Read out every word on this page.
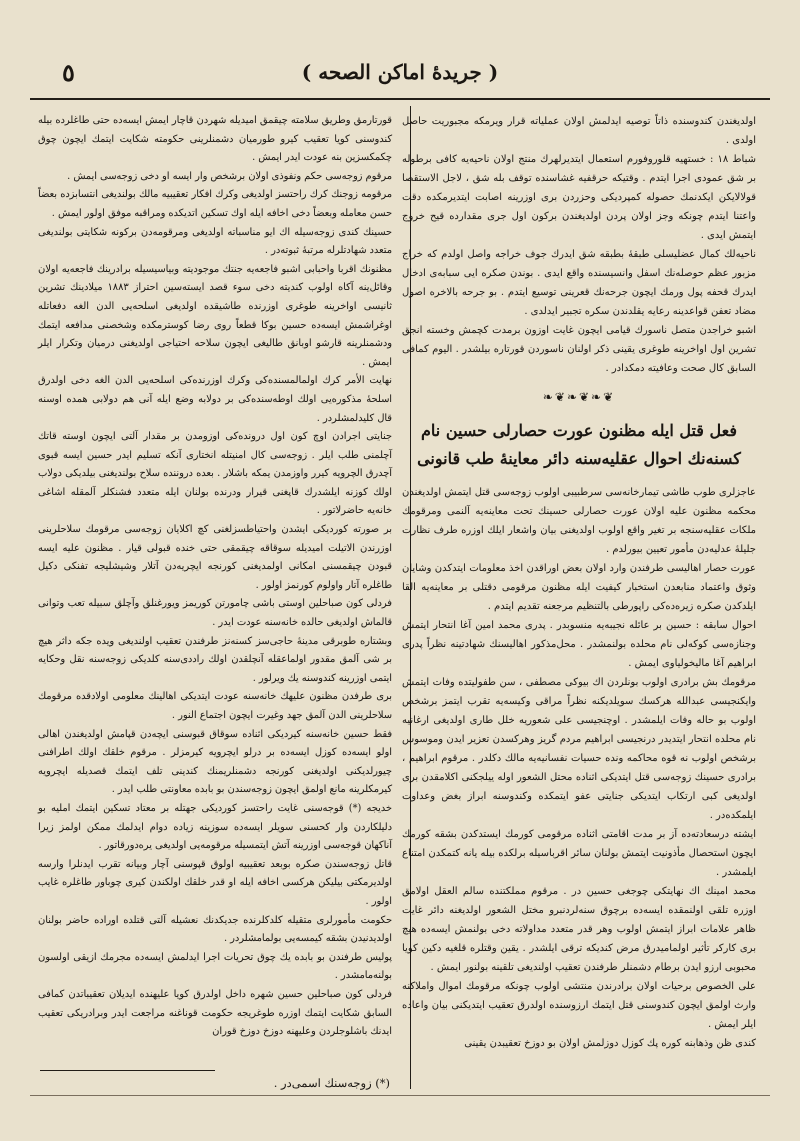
٥	( جريدهٔ اماكن الصحه )

اولدیغندن کندوسنده ذاتاً توصیه ایدلمش اولان عملیاته قرار ویرمکه مجبوریت حاصل اولدی .

شباط ۱۸ : خستهیه قلوروفورم استعمال ایتدیرلهرك منتج اولان ناحیه‌یه کافی برطوله بر شق عمودی اجرا ایتدم . وقتیکه حرقفیه غشاسنده توقف بله شق ، لاجل الاستقصا قولالایكن ایكدنمك حصوله کمپردیکی وحزردن بری اوزرینه اصابت ایتدیرمکده دقت واعتنا ایتدم چونکه وجز اولان پردن اولدیغندن بركون اول جرى مقدارده قیح خروج ایتمش ایدی .

ناحیه‌لك کمال عضلیسلی طبقهٔ بطبقه شق ایدرك جوف خراجه واصل اولدم که خراج مزبور عظم حوصله‌نك اسفل وانسیسنده واقع ایدی . بوندن صکره ایی سبابه‌ی ادخال ایدرك قحفه پول ورمك ایچون جرحه‌نك قعرینی توسیع ایتدم . بو جرحه بالاخره اصول مضاد تعفن قواعدینه رعایه یقلدندن سکره تجبیر ایدلدی .

اشبو خراجدن متصل ناسورك قیامی ایچون غایت اوزون برمدت کچمش وخسته انجق تشرین اول اواخرینه طوغری یقینی ذکر اولنان ناسوردن قورتاره بیلشدر . الیوم کمافی السابق کال صحت وعافیته دمکدادر .

❧❦❧❦❧❦
فعل قتل ایله مظنون عورت حصارلی حسین نام کسنه‌نك احوال عقلیه‌سنه دائر معاینهٔ طب قانونی

عاجزلری طوب طاشی تیمارخانه‌سی سرطبیبی اولوب زوجه‌سی قتل ایتمش اولدیغندن محکمه مظنون علیه اولان عورت حصارلی حسینك تحت معاینه‌یه آلنمی ومرقومك ملکات عقلیه‌سنجه بر تغیر واقع اولوب اولدیغنی بیان واشعار ایلك اوزره طرف نظارت جلیلهٔ عدلیه‌دن مأمور تعیین بیورلدم .

عورت حصار اهالیسی طرفندن وارد اولان بعض اوراقدن اخذ معلومات ایتدکدن وشایان وثوق واعتماد منابعدن استخبار کیفیت ایله مظنون مرقومی دقتلی بر معاینه‌یه القا ایلدکدن صکره زیره‌ده‌کی راپورطی بالتنظیم مرجعنه تقدیم ایتدم .

احوال سابقه : حسین بر عائله نجیبه‌یه منسوبدر . پدری محمد امین آغا انتحار ایتمش وجنازه‌سی کوکه‌لی نام محلده بولنمشدر . محل‌مذکور اهالیسنك شهادتینه نظراً پدری ابراهیم آغا مالیخولیاوی ایمش .

مرقومك بش برادری اولوب بونلردن اك بیوکی مصطفی ، سن طفولیتده وفات ایتمش وایکنجیسی عبدالله هرکسك سویلدیکنه نظراً مراقی وکیسه‌یه تقرب ایتمز برشخص اولوب بو حاله وفات ایلمشدر . اوچنجیسی علی شعوریه خلل طاری اولدیغی ارغانیه نام محلده انتحار ایتدیدر درنجیسی ابراهیم مردم گریز وهرکسدن تعزیر ایدن وموسوس برشخص اولوب نه قوه محاکمه ونده حسیات نفسانیه‌یه مالك دکلدر . مرقوم ابراهیم ، برادری حسینك زوجه‌سی قتل ایتدیکی اثناده محتل الشعور اوله ییلجکنی اکلامقدن بری اولدیغی کبی ارتکاب ایتدیکی جنایتی عفو ایتمکده وکندوسنه ابراز بغض وعداوت ایلمکده‌در .

ایشته درسعادته‌ده آز بر مدت اقامتی اثناده مرقومی کورمك ایستدکدن بشقه کورمك ایچون استحصال مأذونیت ایتمش بولنان سائر اقرباسیله برلکده بیله یانه کتمکدن امتناع ایلمشدر .

محمد امینك اك نهایتکی چوجغی حسین در . مرقوم مملکتنده سالم العقل اولامق اوزره تلقی اولنمقده ایسه‌ده برچوق سنه‌لردنبرو مختل الشعور اولدیغنه دائر غایت ظاهر علامات ابراز ایتمش اولوب وهر قدر متعدد مداولاته دخی بولنمش ایسه‌ده هیچ بری کارکر تأثیر اولمامیدرق مرض کندیکه ترقی ایلشدر . یقین وقتلره قلغیه دکین کویا محبوبی ارزو ایدن برطام دشمنلر طرفندن تعقیب اولندیغی تلقینه بولنور ایمش .

علی الخصوص برحیات اولان برادرندن منتشی اولوب چونکه مرقومك اموال واملاکنه وارث اولمق ایچون کندوسنی قتل ایتمك ارزوسنده اولدرق تعقیب ایتدیکنی بیان واعاده ایلر ایمش .

کندی ظن وذهابنه کوره پك کوزل دوزلمش اولان بو دوزخ تعقیبدن یقینی

قورتارمق وطریق سلامته چیقمق امیدیله شهردن قاچار ایمش ایسه‌ده حتی طاغلرده بیله کندوسنی کویا تعقیب کیرو طورمیان دشمنلرینی حکومته شکایت ایتمك ایچون چوق چکمکسزین بنه عودت ایدر ایمش .

مرقوم زوجه‌سی حکم ونفوذی اولان برشخص وار ایسه او دخی زوجه‌سی ایمش .

مرقومه زوجنك کرك راحتسز اولدیغی وکرك افکار تعقیبیه مالك بولندیغی انتسابزده بعضاً حسن معامله وبعضاً دخی اخافه ایله اوك تسکین اتدیکده ومراقبه موفق اولور ایمش .

حسینك کندی زوجه‌سیله اك ایو مناسباته اولدیغی ومرقومه‌دن برکونه شکایتی بولندیغی متعدد شهادتلرله مرتبهٔ ثبوته‌در .

مظنونك اقربا واحبابی اشبو فاجعه‌یه جنتك موجودیته وبیاسیسیله برادرینك فاجعه‌یه اولان وقائل‌ینه آکاه اولوب کندیته دخی سوء قصد ایسته‌سین احتراز ۱۸۸۳ میلادینك تشرین ثانیسی اواخرینه طوغری اوزرنده طاشیقده اولدیغی اسلحه‌یی الدن الغه دفعاتله اوغراشمش ایسه‌ده حسین بوکا قطعاً روی رضا کوسترمکده وشخصنی مدافعه ایتمك ودشمنلرینه قارشو اوبانق طالیغی ایچون سلاحه احتیاجی اولدیغنی درمیان وتکرار ایلر ایمش .

نهایت الأمر کرك اولمالمسنده‌کی وکرك اوزرنده‌کی اسلحه‌یی الدن الغه دخی اولدرق اسلحهٔ مذکوره‌یی اولك اوطه‌سنده‌کی بر دولابه وضع ایله آنی هم دولابی همده اوسنه قال کلیدلمشلردر .

جنایتی اجرادن اوچ کون اول درونده‌کی اوزومدن بر مقدار آلتی ایچون اوسته قاتك آچلمنی طلب ایلر . زوجه‌سی کال امنیتله انختاری آنکه تسلیم ایدر حسین ایسه قبوی آچدرق الچرویه کیرر واوزمدن یمکه باشلار . بعده دروننده سلاح بولندیغنی بیلدیکی دولاب اولك کوزنه ایلشدرك قاپغنی قیرار ودرنده بولنان ایله متعدد فشنکلر آلمقله اشاغی خانه‌یه حاضرلاتور .

بر صورته کوردیکی ایشدن واحتیاطسزلغنی کچ اکلایان زوجه‌سی مرقومك سلاحلرینی اوزرندن الاتیلت امیدیله سوقاقه چیقمقی حتی خنده قبولی قیار . مظنون علیه ایسه قبودن چیقمسنی امکانی اولمدیغنی کورنجه ایچریه‌دن آتلار وشیشلیجه تفنکی دکیل طاغلره آتار واولوم کورنمز اولور .

فردلی کون صباحلین اوستی باشی چامورتن کوریمز ویورغنلق وآچلق سبیله تعب وتوانی قالماش اولدیغی حالده خانه‌سنه عودت ایدر .

وبشتاره طوبرقی مدینهٔ حاجی‌سز کسنه‌نز طرفندن تعقیب اولندیغی ویده جکه داثر هیچ بر شی آلمق مقدور اولماعقله آنچلقدن اولك راددی‌سنه کلدیکی زوجه‌سنه نقل وحکایه ایتمی اوزرینه کندوسنه یك ویرلور .

بری طرفدن مظنون علیهك خانه‌سنه عودت ایتدیکی اهالینك معلومی اولادقده مرقومك سلاحلرینی الدن آلمق جهد وغیرت ایچون اجتماع النور .

فقط حسین خانه‌سنه کیردیکی اثناده سوقاق قبوسنی ایچه‌دن قپامش اولدیغندن اهالی اولو ایسه‌ده کوزل ایسه‌ده بر درلو ایچرویه کیرمزلر . مرقوم خلقك اولك اطرافنی چیورلدیکنی اولدیغنی کورنجه دشمنلریمنك کندینی تلف ایتمك قصدیله ایچرویه کیرمکلرینه مانع اولمق ایچون زوجه‌سندن بو بابده معاونتی طلب ایدر .

خدیجه (*) قوجه‌سنی غایت راحتسز کوردیکی جهتله بر معتاد تسکین ایتمك املیه بو دلیلکاردن وار كحسنی سویلر ایسه‌ده سوزینه زیاده دوام ایدلمك ممکن اولمز زیرا آناکهان قوجه‌سی اوزرینه آتش ایتمسیله مرقومه‌یی اولدیغی یره‌دورقاتور .

قاتل زوجه‌سندن صکره بوبعد تعقیبیه اولوق قپوسنی آچار وبیانه تقرب ایدنلرا وارسه اولدیرمکتی بیلیکن هرکسی اخافه ایله او قدر خلقك اولکندن کیری چوباور طاغلره غایب اولور .

حکومت مأمورلری متقیله کلدکلرنده جدیکدنك نعشیله آلتی قتلده اوراده حاضر بولنان اولدیدنیدن بشقه کیمسه‌یی بولمامشلردر .

پولیس طرفندن بو بابده یك چوق تحریات اجرا ایدلمش ایسه‌ده مجرمك ازیقی اولسون بولنه‌مامشدر .

فردلی کون صباحلین حسین شهره داخل اولدرق کویا علیهنده ایدیلان تعقیباتدن کمافی السابق شکایت ایتمك اوزره طوغریجه حکومت قوناغنه مراجعت ایدر وبرادریکی تعقیب ایدنك باشلوجلردن وعلیهنه دوزخ دوزخ قوران

(*) زوجه‌سنك اسمی‌در .
